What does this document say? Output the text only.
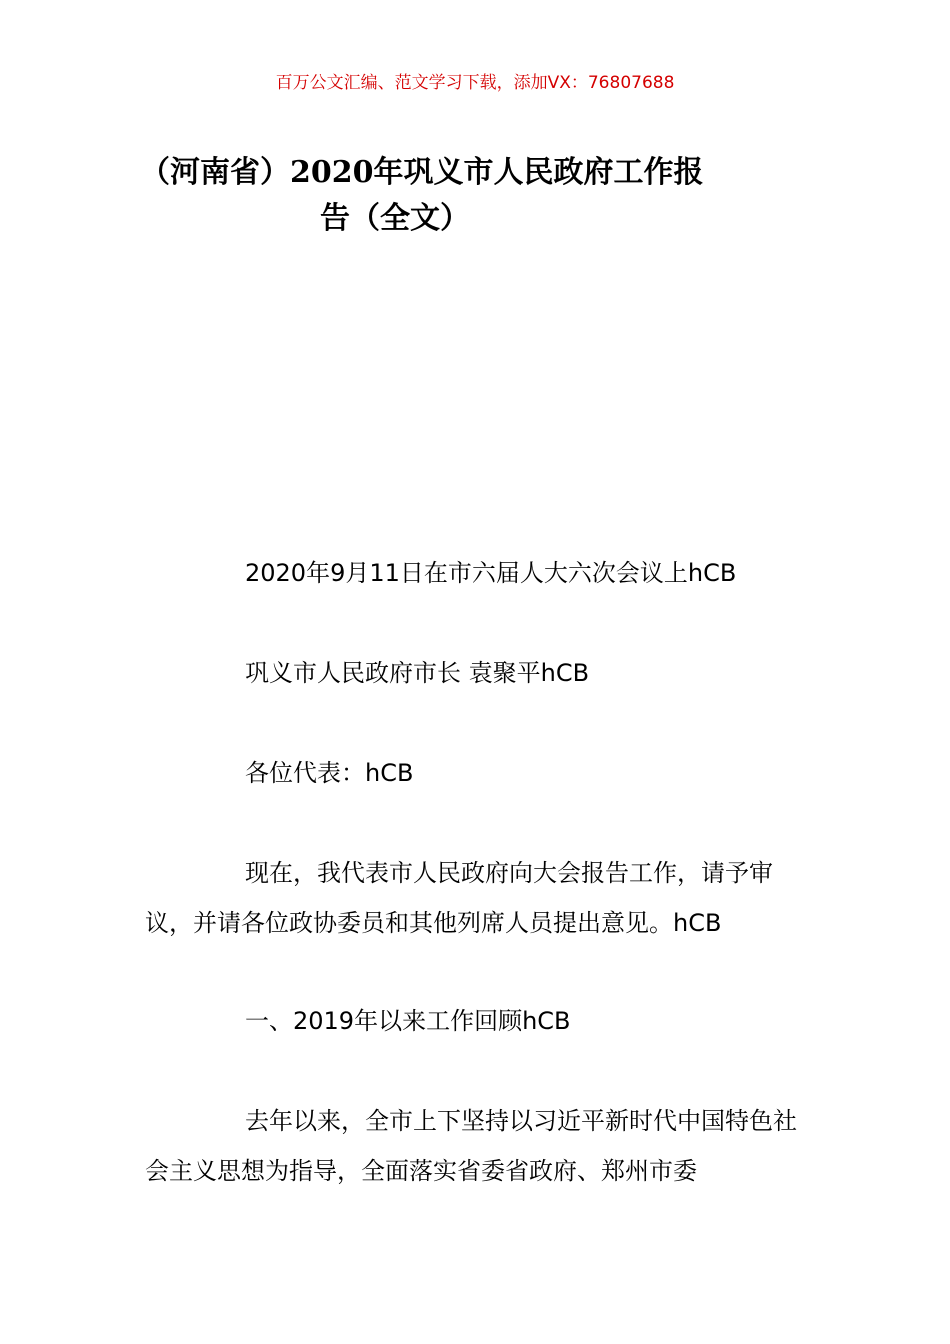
百万公文汇编、范文学习下载，添加VX：76807688
（河南省）2020年巩义市人民政府工作报
告（全文）

2020年9月11日在市六届人大六次会议上hCB

巩义市人民政府市长 袁聚平hCB

各位代表：hCB

现在，我代表市人民政府向大会报告工作，请予审议，并请各位政协委员和其他列席人员提出意见。hCB

一、2019年以来工作回顾hCB

去年以来，全市上下坚持以习近平新时代中国特色社会主义思想为指导，全面落实省委省政府、郑州市委
